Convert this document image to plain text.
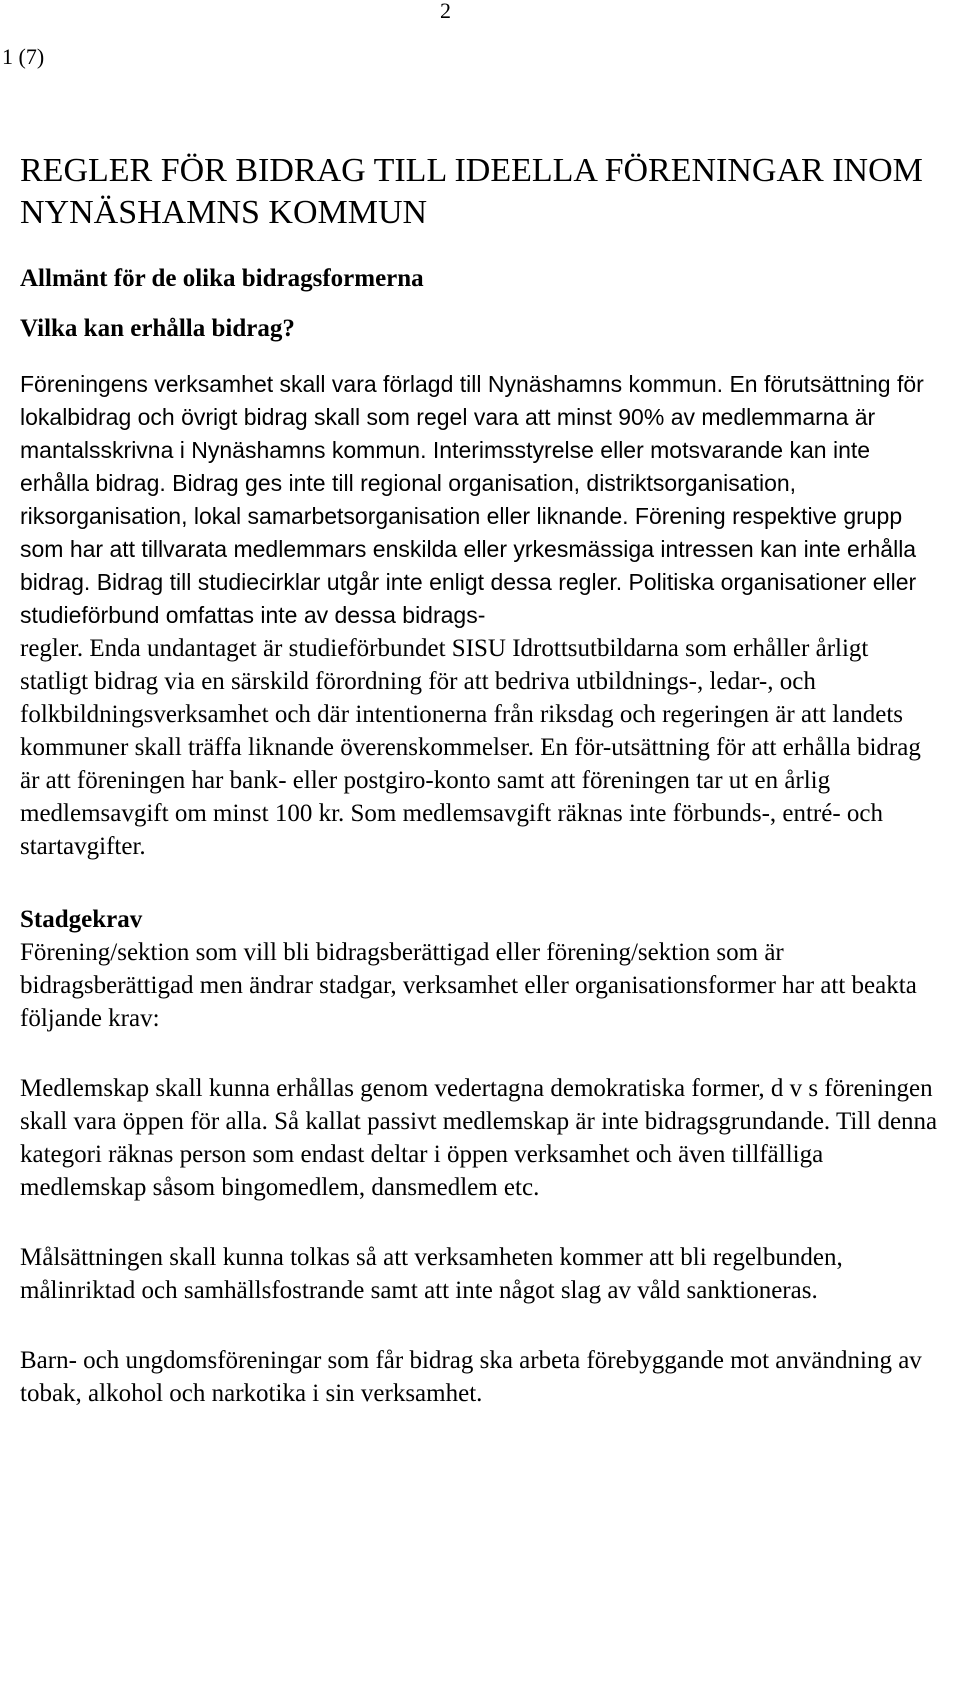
2

1 (7)

REGLER FÖR BIDRAG TILL IDEELLA FÖRENINGAR INOM NYNÄSHAMNS KOMMUN
Allmänt för de olika bidragsformerna
Vilka kan erhålla bidrag?

Föreningens verksamhet skall vara förlagd till Nynäshamns kommun. En förutsättning för lokalbidrag och övrigt bidrag skall som regel vara att minst 90% av medlemmarna är mantalsskrivna i Nynäshamns kommun. Interimsstyrelse eller motsvarande kan inte erhålla bidrag. Bidrag ges inte till regional organisation, distriktsorganisation, riksorganisation, lokal samarbetsorganisation eller liknande. Förening respektive grupp som har att tillvarata medlemmars enskilda eller yrkesmässiga intressen kan inte erhålla bidrag. Bidrag till studiecirklar utgår inte enligt dessa regler. Politiska organisationer eller studieförbund omfattas inte av dessa bidrags-

regler. Enda undantaget är studieförbundet SISU Idrottsutbildarna som erhåller årligt statligt bidrag via en särskild förordning för att bedriva utbildnings-, ledar-, och folkbildningsverksamhet och där intentionerna från riksdag och regeringen är att landets kommuner skall träffa liknande överenskommelser. En för-utsättning för att erhålla bidrag är att föreningen har bank- eller postgiro-konto samt att föreningen tar ut en årlig medlemsavgift om minst 100 kr. Som medlemsavgift räknas inte förbunds-, entré- och startavgifter.

Stadgekrav

Förening/sektion som vill bli bidragsberättigad eller förening/sektion som är bidragsberättigad men ändrar stadgar, verksamhet eller organisationsformer har att beakta följande krav:

Medlemskap skall kunna erhållas genom vedertagna demokratiska former, d v s föreningen skall vara öppen för alla. Så kallat passivt medlemskap är inte bidragsgrundande. Till denna kategori räknas person som endast deltar i öppen verksamhet och även tillfälliga medlemskap såsom bingomedlem, dansmedlem etc.

Målsättningen skall kunna tolkas så att verksamheten kommer att bli regelbunden, målinriktad och samhällsfostrande samt att inte något slag av våld sanktioneras.

Barn- och ungdomsföreningar som får bidrag ska arbeta förebyggande mot användning av tobak, alkohol och narkotika i sin verksamhet.
